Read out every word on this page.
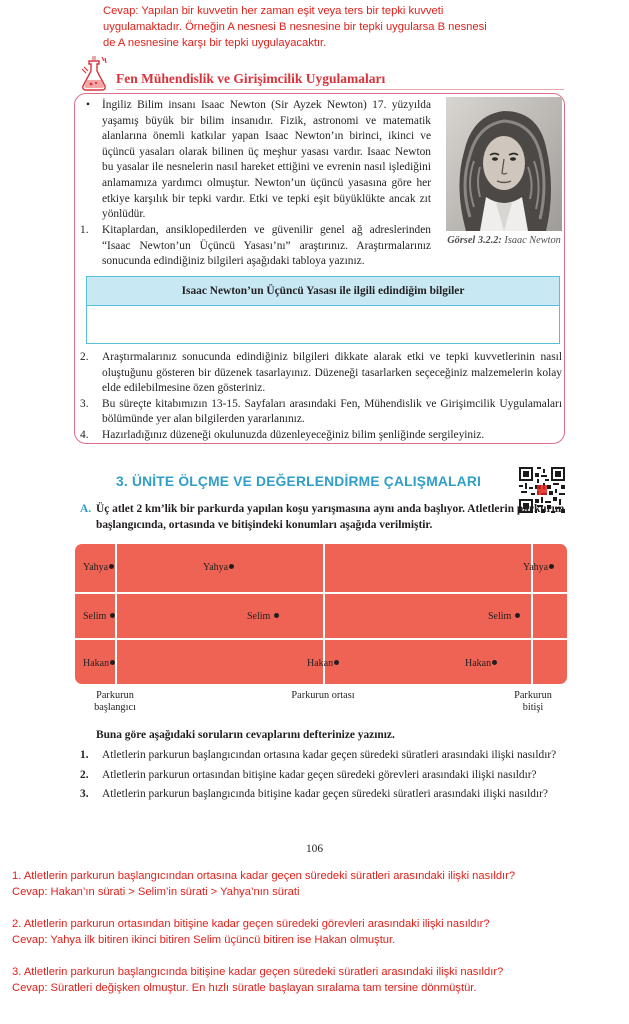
Cevap: Yapılan bir kuvvetin her zaman eşit veya ters bir tepki kuvveti
uygulamaktadır. Örneğin A nesnesi B nesnesine bir tepki uygularsa B nesnesi
de A nesnesine karşı bir tepki uygulayacaktır.
Fen Mühendislik ve Girişimcilik Uygulamaları
• İngiliz Bilim insanı Isaac Newton (Sir Ayzek Newton) 17. yüzyılda yaşamış büyük bir bilim insanıdır. Fizik, astronomi ve matematik alanlarına önemli katkılar yapan Isaac Newton’ın birinci, ikinci ve üçüncü yasaları olarak bilinen üç meşhur yasası vardır. Isaac Newton bu yasalar ile nesnelerin nasıl hareket ettiğini ve evrenin nasıl işlediğini anlamamıza yardımcı olmuştur. Newton’un üçüncü yasasına göre her etkiye karşılık bir tepki vardır. Etki ve tepki eşit büyüklükte ancak zıt yönlüdür.
1.	Kitaplardan, ansiklopedilerden ve güvenilir genel ağ adreslerinden “Isaac Newton’un Üçüncü Yasası’nı” araştırınız. Araştırmalarınız sonucunda edindiğiniz bilgileri aşağıdaki tabloya yazınız.
Görsel 3.2.2: Isaac Newton
Isaac Newton’un Üçüncü Yasası ile ilgili edindiğim bilgiler
2.	Araştırmalarınız sonucunda edindiğiniz bilgileri dikkate alarak etki ve tepki kuvvetlerinin nasıl oluştuğunu gösteren bir düzenek tasarlayınız. Düzeneği tasarlarken seçeceğiniz malzemelerin kolay elde edilebilmesine özen gösteriniz.
3.	Bu süreçte kitabımızın 13-15. Sayfaları arasındaki Fen, Mühendislik ve Girişimcilik Uygulamaları bölümünde yer alan bilgilerden yararlanınız.
4.	Hazırladığınız düzeneği okulunuzda düzenleyeceğiniz bilim şenliğinde sergileyiniz.
3. ÜNİTE ÖLÇME VE DEĞERLENDİRME ÇALIŞMALARI
A. Üç atlet 2 km’lik bir parkurda yapılan koşu yarışmasına aynı anda başlıyor. Atletlerin parkurun başlangıcında, ortasında ve bitişindeki konumları aşağıda verilmiştir.
Yahya	Yahya	Yahya
Selim	Selim	Selim
Hakan	Hakan	Hakan
Parkurun başlangıcı
Parkurun ortası	Parkurun bitişi
Buna göre aşağıdaki soruların cevaplarını defterinize yazınız.
1.	Atletlerin parkurun başlangıcından ortasına kadar geçen süredeki süratleri arasındaki ilişki nasıldır?
2.	Atletlerin parkurun ortasından bitişine kadar geçen süredeki görevleri arasındaki ilişki nasıldır?
3.	Atletlerin parkurun başlangıcında bitişine kadar geçen süredeki süratleri arasındaki ilişki nasıldır?
106
1. Atletlerin parkurun başlangıcından ortasına kadar geçen süredeki süratleri arasındaki ilişki nasıldır?
Cevap: Hakan’ın sürati > Selim’in sürati > Yahya’nın sürati
2. Atletlerin parkurun ortasından bitişine kadar geçen süredeki görevleri arasındaki ilişki nasıldır?
Cevap: Yahya ilk bitiren ikinci bitiren Selim üçüncü bitiren ise Hakan olmuştur.
3. Atletlerin parkurun başlangıcında bitişine kadar geçen süredeki süratleri arasındaki ilişki nasıldır?
Cevap: Süratleri değişken olmuştur. En hızlı süratle başlayan sıralama tam tersine dönmüştür.
